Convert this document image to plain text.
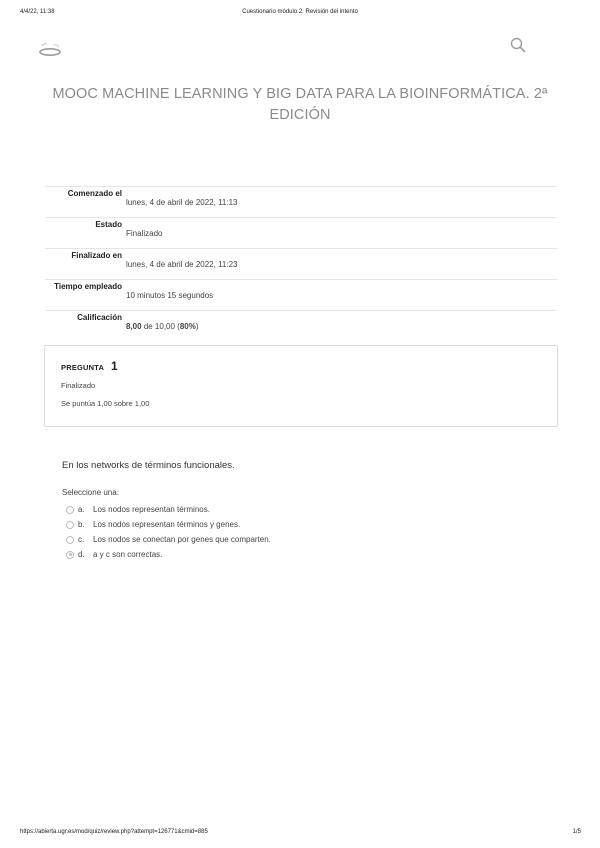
4/4/22, 11:38	Cuestionario módulo 2: Revisión del intento
MOOC MACHINE LEARNING Y BIG DATA PARA LA BIOINFORMÁTICA. 2ª EDICIÓN
Comenzado el
lunes, 4 de abril de 2022, 11:13
Estado
Finalizado
Finalizado en
lunes, 4 de abril de 2022, 11:23
Tiempo empleado
10 minutos 15 segundos
Calificación
8,00 de 10,00 (80%)
PREGUNTA 1
Finalizado
Se puntúa 1,00 sobre 1,00
En los networks de términos funcionales.
Seleccione una:
a.	Los nodos representan términos.
b.	Los nodos representan términos y genes.
c.	Los nodos se conectan por genes que comparten.
d.	a y c son correctas.
https://abierta.ugr.es/mod/quiz/review.php?attempt=126771&cmid=885	1/5
